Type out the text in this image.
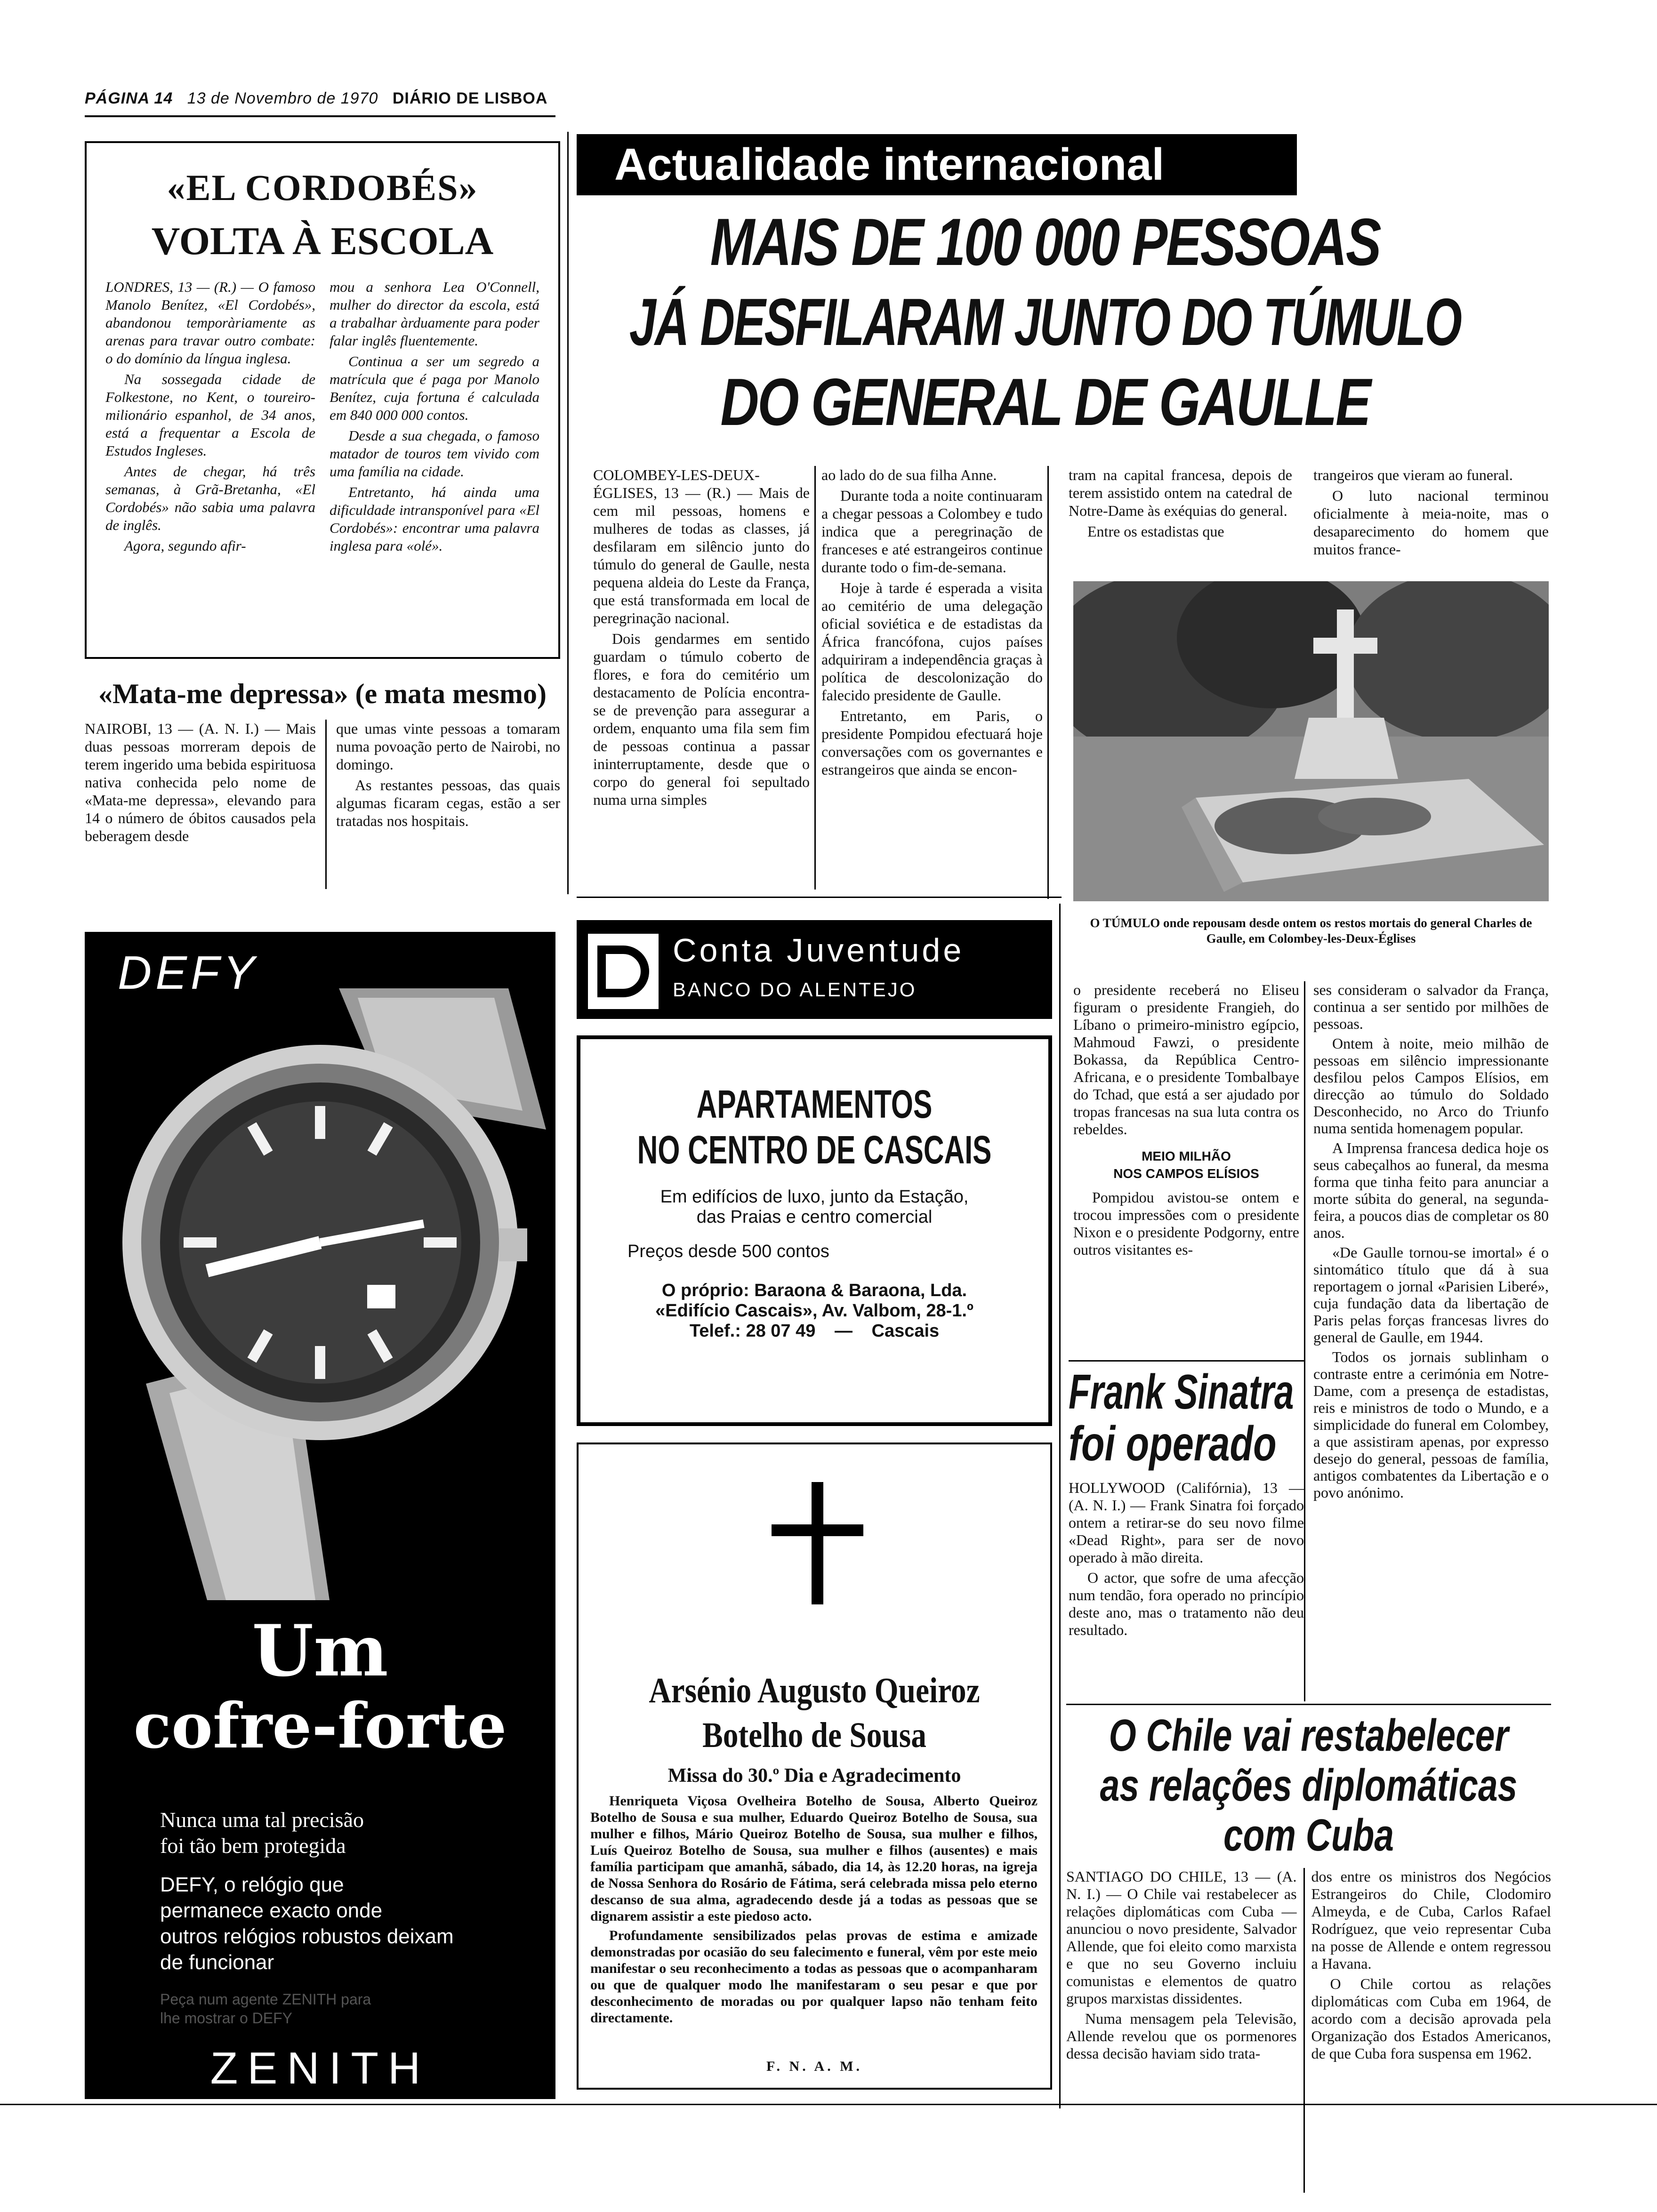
PÁGINA 14 13 de Novembro de 1970 DIÁRIO DE LISBOA
«EL CORDOBÉS»
VOLTA À ESCOLA

LONDRES, 13 — (R.) — O famoso Manolo Benítez, «El Cordobés», abandonou temporàriamente as arenas para travar outro combate: o do domínio da língua inglesa.

Na sossegada cidade de Folkestone, no Kent, o toureiro-milionário espanhol, de 34 anos, está a frequentar a Escola de Estudos Ingleses.

Antes de chegar, há três semanas, à Grã-Bretanha, «El Cordobés» não sabia uma palavra de inglês.

Agora, segundo afir-

mou a senhora Lea O'Connell, mulher do director da escola, está a trabalhar àrduamente para poder falar inglês fluentemente.

Continua a ser um segredo a matrícula que é paga por Manolo Benítez, cuja fortuna é calculada em 840 000 000 contos.

Desde a sua chegada, o famoso matador de touros tem vivido com uma família na cidade.

Entretanto, há ainda uma dificuldade intransponível para «El Cordobés»: encontrar uma palavra inglesa para «olé».

«Mata-me depressa» (e mata mesmo)

NAIROBI, 13 — (A. N. I.) — Mais duas pessoas morreram depois de terem ingerido uma bebida espirituosa nativa conhecida pelo nome de «Mata-me depressa», elevando para 14 o número de óbitos causados pela beberagem desde

que umas vinte pessoas a tomaram numa povoação perto de Nairobi, no domingo.

As restantes pessoas, das quais algumas ficaram cegas, estão a ser tratadas nos hospitais.

Actualidade internacional
MAIS DE 100 000 PESSOAS
JÁ DESFILARAM JUNTO DO TÚMULO
DO GENERAL DE GAULLE

COLOMBEY-LES-DEUX-ÉGLISES, 13 — (R.) — Mais de cem mil pessoas, homens e mulheres de todas as classes, já desfilaram em silêncio junto do túmulo do general de Gaulle, nesta pequena aldeia do Leste da França, que está transformada em local de peregrinação nacional.

Dois gendarmes em sentido guardam o túmulo coberto de flores, e fora do cemitério um destacamento de Polícia encontra-se de prevenção para assegurar a ordem, enquanto uma fila sem fim de pessoas continua a passar ininterruptamente, desde que o corpo do general foi sepultado numa urna simples

ao lado do de sua filha Anne.

Durante toda a noite continuaram a chegar pessoas a Colombey e tudo indica que a peregrinação de franceses e até estrangeiros continue durante todo o fim-de-semana.

Hoje à tarde é esperada a visita ao cemitério de uma delegação oficial soviética e de estadistas da África francófona, cujos países adquiriram a independência graças à política de descolonização do falecido presidente de Gaulle.

Entretanto, em Paris, o presidente Pompidou efectuará hoje conversações com os governantes e estrangeiros que ainda se encon-

tram na capital francesa, depois de terem assistido ontem na catedral de Notre-Dame às exéquias do general.

Entre os estadistas que

trangeiros que vieram ao funeral.

O luto nacional terminou oficialmente à meia-noite, mas o desaparecimento do homem que muitos france-

O TÚMULO onde repousam desde ontem os restos mortais do general Charles de Gaulle, em Colombey-les-Deux-Églises

o presidente receberá no Eliseu figuram o presidente Frangieh, do Líbano o primeiro-ministro egípcio, Mahmoud Fawzi, o presidente Bokassa, da República Centro-Africana, e o presidente Tombalbaye do Tchad, que está a ser ajudado por tropas francesas na sua luta contra os rebeldes.

MEIO MILHÃO
NOS CAMPOS ELÍSIOS

Pompidou avistou-se ontem e trocou impressões com o presidente Nixon e o presidente Podgorny, entre outros visitantes es-

ses consideram o salvador da França, continua a ser sentido por milhões de pessoas.

Ontem à noite, meio milhão de pessoas em silêncio impressionante desfilou pelos Campos Elísios, em direcção ao túmulo do Soldado Desconhecido, no Arco do Triunfo numa sentida homenagem popular.

A Imprensa francesa dedica hoje os seus cabeçalhos ao funeral, da mesma forma que tinha feito para anunciar a morte súbita do general, na segunda-feira, a poucos dias de completar os 80 anos.

«De Gaulle tornou-se imortal» é o sintomático título que dá à sua reportagem o jornal «Parisien Liberé», cuja fundação data da libertação de Paris pelas forças francesas livres do general de Gaulle, em 1944.

Todos os jornais sublinham o contraste entre a cerimónia em Notre-Dame, com a presença de estadistas, reis e ministros de todo o Mundo, e a simplicidade do funeral em Colombey, a que assistiram apenas, por expresso desejo do general, pessoas de família, antigos combatentes da Libertação e o povo anónimo.

Frank Sinatra
foi operado

HOLLYWOOD (Califórnia), 13 — (A. N. I.) — Frank Sinatra foi forçado ontem a retirar-se do seu novo filme «Dead Right», para ser de novo operado à mão direita.

O actor, que sofre de uma afecção num tendão, fora operado no princípio deste ano, mas o tratamento não deu resultado.

O Chile vai restabelecer
as relações diplomáticas
com Cuba

SANTIAGO DO CHILE, 13 — (A. N. I.) — O Chile vai restabelecer as relações diplomáticas com Cuba — anunciou o novo presidente, Salvador Allende, que foi eleito como marxista e que no seu Governo incluiu comunistas e elementos de quatro grupos marxistas dissidentes.

Numa mensagem pela Televisão, Allende revelou que os pormenores dessa decisão haviam sido trata-

dos entre os ministros dos Negócios Estrangeiros do Chile, Clodomiro Almeyda, e de Cuba, Carlos Rafael Rodríguez, que veio representar Cuba na posse de Allende e ontem regressou a Havana.

O Chile cortou as relações diplomáticas com Cuba em 1964, de acordo com a decisão aprovada pela Organização dos Estados Americanos, de que Cuba fora suspensa em 1962.

DEFY
Um
cofre-forte
Nunca uma tal precisão
foi tão bem protegida
DEFY, o relógio que
permanece exacto onde
outros relógios robustos deixam
de funcionar
Peça num agente ZENITH para
lhe mostrar o DEFY
ZENITH
Conta Juventude
BANCO DO ALENTEJO
APARTAMENTOS
NO CENTRO DE CASCAIS
Em edifícios de luxo, junto da Estação,
das Praias e centro comercial
Preços desde 500 contos
O próprio: Baraona & Baraona, Lda.
«Edifício Cascais», Av. Valbom, 28-1.º
Telef.: 28 07 49 — Cascais
Arsénio Augusto Queiroz
Botelho de Sousa
Missa do 30.º Dia e Agradecimento

Henriqueta Viçosa Ovelheira Botelho de Sousa, Alberto Queiroz Botelho de Sousa e sua mulher, Eduardo Queiroz Botelho de Sousa, sua mulher e filhos, Mário Queiroz Botelho de Sousa, sua mulher e filhos, Luís Queiroz Botelho de Sousa, sua mulher e filhos (ausentes) e mais família participam que amanhã, sábado, dia 14, às 12.20 horas, na igreja de Nossa Senhora do Rosário de Fátima, será celebrada missa pelo eterno descanso de sua alma, agradecendo desde já a todas as pessoas que se dignarem assistir a este piedoso acto.

Profundamente sensibilizados pelas provas de estima e amizade demonstradas por ocasião do seu falecimento e funeral, vêm por este meio manifestar o seu reconhecimento a todas as pessoas que o acompanharam ou que de qualquer modo lhe manifestaram o seu pesar e que por desconhecimento de moradas ou por qualquer lapso não tenham feito directamente.

F. N. A. M.
